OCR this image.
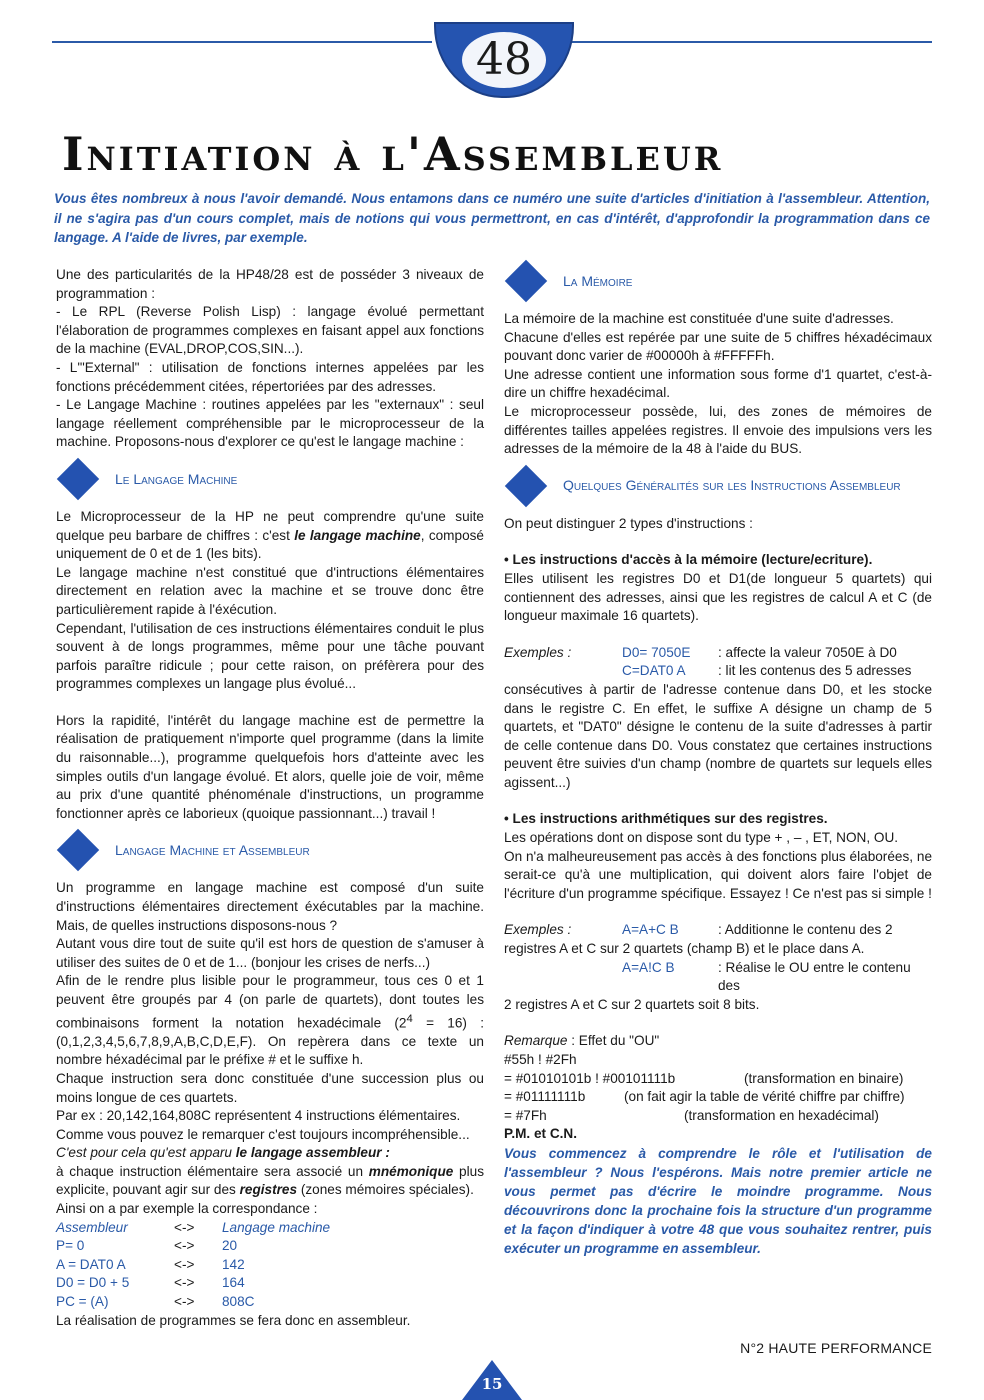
48
Initiation à l'Assembleur

Vous êtes nombreux à nous l'avoir demandé. Nous entamons dans ce numéro une suite d'articles d'initiation à l'assembleur. Attention, il ne s'agira pas d'un cours complet, mais de notions qui vous permettront, en cas d'intérêt, d'approfondir la programmation dans ce langage. A l'aide de livres, par exemple.

Une des particularités de la HP48/28 est de posséder 3 niveaux de programmation :

- Le RPL (Reverse Polish Lisp) : langage évolué permettant l'élaboration de programmes complexes en faisant appel aux fonctions de la machine (EVAL,DROP,COS,SIN...).

- L'"External" : utilisation de fonctions internes appelées par les fonctions précédemment citées, répertoriées par des adresses.

- Le Langage Machine : routines appelées par les "externaux" : seul langage réellement compréhensible par le microprocesseur de la machine. Proposons-nous d'explorer ce qu'est le langage machine :

Le Langage Machine

Le Microprocesseur de la HP ne peut comprendre qu'une suite quelque peu barbare de chiffres : c'est le langage machine, composé uniquement de 0 et de 1 (les bits).

Le langage machine n'est constitué que d'intructions élémentaires directement en relation avec la machine et se trouve donc être particulièrement rapide à l'éxécution.

Cependant, l'utilisation de ces instructions élémentaires conduit le plus souvent à de longs programmes, même pour une tâche pouvant parfois paraître ridicule ; pour cette raison, on préfèrera pour des programmes complexes un langage plus évolué...

Hors la rapidité, l'intérêt du langage machine est de permettre la réalisation de pratiquement n'importe quel programme (dans la limite du raisonnable...), programme quelquefois hors d'atteinte avec les simples outils d'un langage évolué. Et alors, quelle joie de voir, même au prix d'une quantité phénoménale d'instructions, un programme fonctionner après ce laborieux (quoique passionnant...) travail !

Langage Machine et Assembleur

Un programme en langage machine est composé d'un suite d'instructions élémentaires directement éxécutables par la machine. Mais, de quelles instructions disposons-nous ?

Autant vous dire tout de suite qu'il est hors de question de s'amuser à utiliser des suites de 0 et de 1... (bonjour les crises de nerfs...)

Afin de le rendre plus lisible pour le programmeur, tous ces 0 et 1 peuvent être groupés par 4 (on parle de quartets), dont toutes les combinaisons forment la notation hexadécimale $(2^4 = 16)$ : (0,1,2,3,4,5,6,7,8,9,A,B,C,D,E,F). On repèrera dans ce texte un nombre héxadécimal par le préfixe # et le suffixe h.

Chaque instruction sera donc constituée d'une succession plus ou moins longue de ces quartets.

Par ex : 20,142,164,808C représentent 4 instructions élémentaires.

Comme vous pouvez le remarquer c'est toujours incompréhensible...

C'est pour cela qu'est apparu le langage assembleur :

à chaque instruction élémentaire sera associé un mnémonique plus explicite, pouvant agir sur des registres (zones mémoires spéciales).

Ainsi on a par exemple la correspondance :

Assembleur	<->	Langage machine
P= 0	<->	20
A = DAT0 A	<->	142
D0 = D0 + 5	<->	164
PC = (A)	<->	808C

La réalisation de programmes se fera donc en assembleur.

La Mémoire

La mémoire de la machine est constituée d'une suite d'adresses.

Chacune d'elles est repérée par une suite de 5 chiffres héxadécimaux pouvant donc varier de #00000h à #FFFFFh.

Une adresse contient une information sous forme d'1 quartet, c'est-à-dire un chiffre hexadécimal.

Le microprocesseur possède, lui, des zones de mémoires de différentes tailles appelées registres. Il envoie des impulsions vers les adresses de la mémoire de la 48 à l'aide du BUS.

Quelques Généralités sur les Instructions Assembleur

On peut distinguer 2 types d'instructions :

• Les instructions d'accès à la mémoire (lecture/ecriture).

Elles utilisent les registres D0 et D1(de longueur 5 quartets) qui contiennent des adresses, ainsi que les registres de calcul A et C (de longueur maximale 16 quartets).

Exemples :	D0= 7050E	: affecte la valeur 7050E à D0
C=DAT0 A	: lit les contenus des 5 adresses

consécutives à partir de l'adresse contenue dans D0, et les stocke dans le registre C. En effet, le suffixe A désigne un champ de 5 quartets, et "DAT0" désigne le contenu de la suite d'adresses à partir de celle contenue dans D0. Vous constatez que certaines instructions peuvent être suivies d'un champ (nombre de quartets sur lequels elles agissent...)

• Les instructions arithmétiques sur des registres.

Les opérations dont on dispose sont du type + , – , ET, NON, OU.

On n'a malheureusement pas accès à des fonctions plus élaborées, ne serait-ce qu'à une multiplication, qui doivent alors faire l'objet de l'écriture d'un programme spécifique. Essayez ! Ce n'est pas si simple !

Exemples :	A=A+C B	: Additionne le contenu des 2

registres A et C sur 2 quartets (champ B) et le place dans A.

A=A!C B	: Réalise le OU entre le contenu des

2 registres A et C sur 2 quartets soit 8 bits.

Remarque : Effet du "OU"

#55h ! #2Fh
= #01010101b ! #00101111b	(transformation en binaire)
= #01111111b	(on fait agir la table de vérité chiffre par chiffre)
= #7Fh	(transformation en hexadécimal)

P.M. et C.N.

Vous commencez à comprendre le rôle et l'utilisation de l'assembleur ? Nous l'espérons. Mais notre premier article ne vous permet pas d'écrire le moindre programme. Nous découvrirons donc la prochaine fois la structure d'un programme et la façon d'indiquer à votre 48 que vous souhaitez rentrer, puis exécuter un programme en assembleur.

N°2 HAUTE PERFORMANCE
15
